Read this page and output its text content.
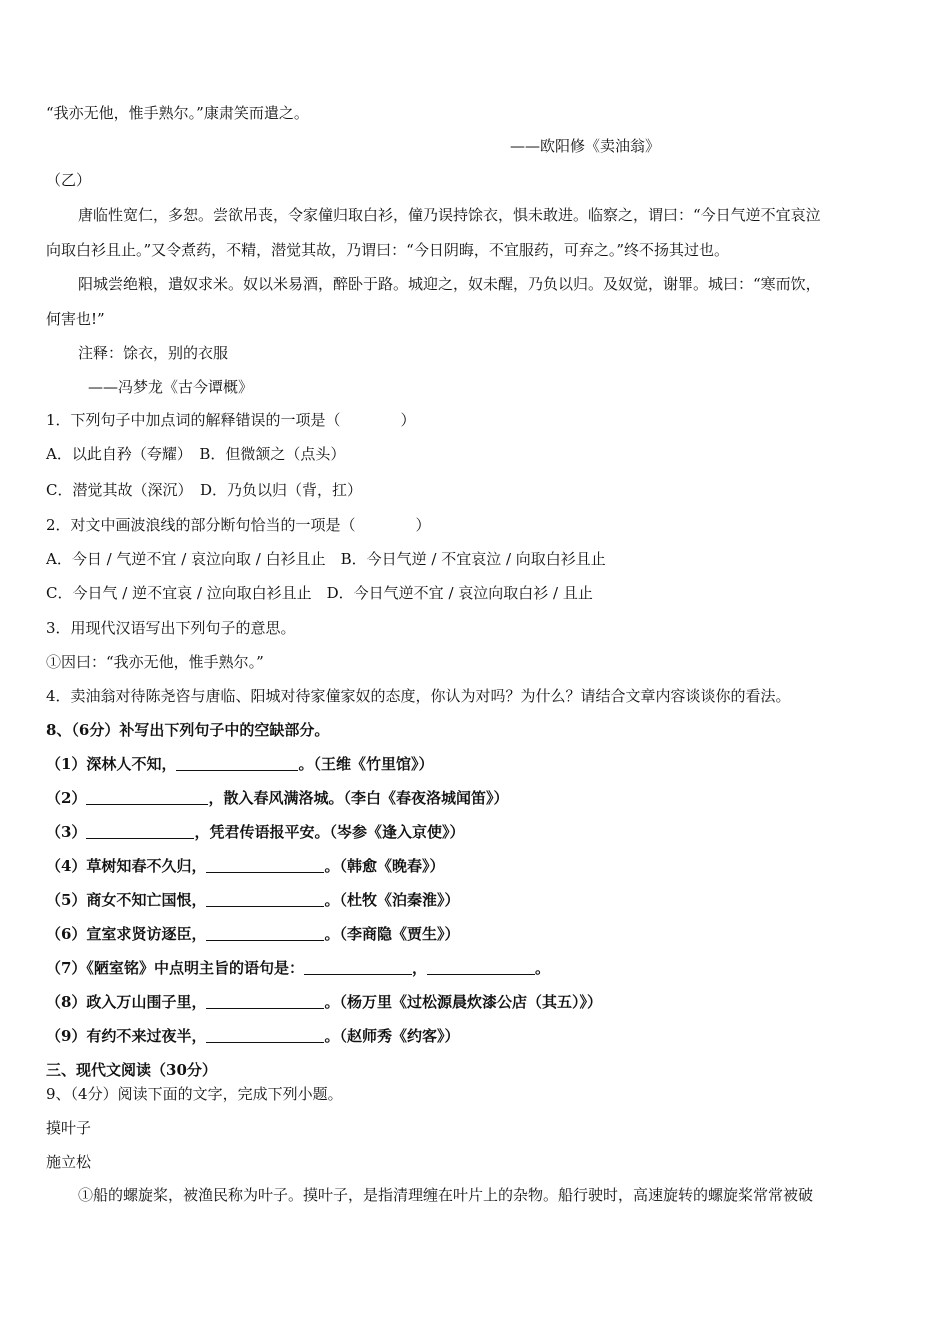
“我亦无他，惟手熟尔。”康肃笑而遣之。
——欧阳修《卖油翁》
（乙）
唐临性宽仁，多恕。尝欲吊丧，令家僮归取白衫，僮乃误持馀衣，惧未敢进。临察之，谓曰：“今日气逆不宜哀泣
向取白衫且止。”又令煮药，不精，潜觉其故，乃谓曰：“今日阴晦，不宜服药，可弃之。”终不扬其过也。
阳城尝绝粮，遣奴求米。奴以米易酒，醉卧于路。城迎之，奴未醒，乃负以归。及奴觉，谢罪。城曰：“寒而饮，
何害也!”
注释：馀衣，别的衣服
——冯梦龙《古今谭概》
1．下列句子中加点词的解释错误的一项是（　　　　）
A．以此自矜（夸耀）　B．但微颔之（点头）
C．潜觉其故（深沉）　D．乃负以归（背，扛）
2．对文中画波浪线的部分断句恰当的一项是（　　　　）
A．今日 / 气逆不宜 / 哀泣向取 / 白衫且止　B．今日气逆 / 不宜哀泣 / 向取白衫且止
C．今日气 / 逆不宜哀 / 泣向取白衫且止　D．今日气逆不宜 / 哀泣向取白衫 / 且止
3．用现代汉语写出下列句子的意思。
①因曰：“我亦无他，惟手熟尔。”
4．卖油翁对待陈尧咨与唐临、阳城对待家僮家奴的态度，你认为对吗？为什么？请结合文章内容谈谈你的看法。
8、（6分）补写出下列句子中的空缺部分。
（1）深林人不知，	。（王维《竹里馆》）
（2）	，散入春风满洛城。（李白《春夜洛城闻笛》）
（3）	，凭君传语报平安。（岑参《逢入京使》）
（4）草树知春不久归，	。（韩愈《晚春》）
（5）商女不知亡国恨，	。（杜牧《泊秦淮》）
（6）宣室求贤访逐臣，	。（李商隐《贾生》）
（7）《陋室铭》中点明主旨的语句是：	，	。
（8）政入万山围子里，	。（杨万里《过松源晨炊漆公店（其五）》）
（9）有约不来过夜半，	。（赵师秀《约客》）
三、现代文阅读（30分）
9、（4分）阅读下面的文字，完成下列小题。
摸叶子
施立松
①船的螺旋桨，被渔民称为叶子。摸叶子，是指清理缠在叶片上的杂物。船行驶时，高速旋转的螺旋桨常常被破
